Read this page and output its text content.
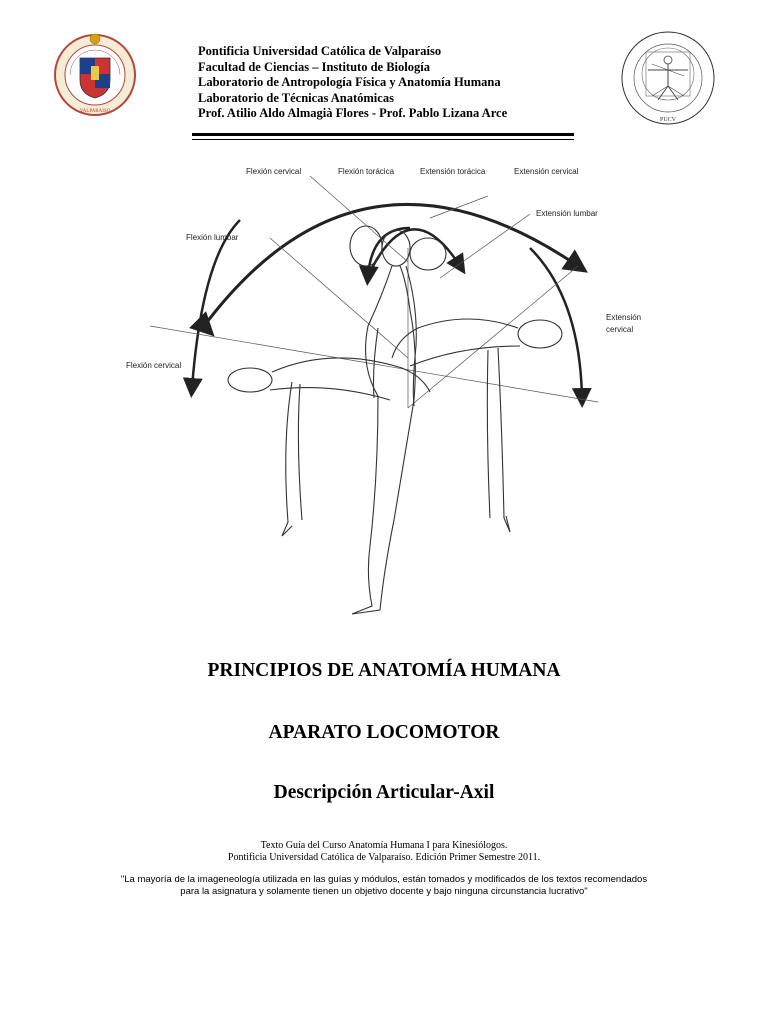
VALPARAISO
Pontificia Universidad Católica de Valparaíso
Facultad de Ciencias – Instituto de Biología
Laboratorio de Antropología Física y Anatomía Humana
Laboratorio de Técnicas Anatómicas
Prof. Atilio Aldo Almagià Flores - Prof. Pablo Lizana Arce	PUCV
Flexión cervical	Flexión torácica	Extensión torácica	Extensión cervical
Extensión lumbar
Flexión lumbar
Flexión cervical
Extensión
cervical
PRINCIPIOS DE ANATOMÍA HUMANA
APARATO LOCOMOTOR
Descripción Articular-Axil
Texto Guía del Curso Anatomía Humana I para Kinesiólogos.
Pontificia Universidad Católica de Valparaíso. Edición Primer Semestre 2011.
"La mayoría de la imageneología utilizada en las guías y módulos, están tomados y modificados de los textos recomendados
para la asignatura y solamente tienen un objetivo docente y bajo ninguna circunstancia lucrativo"
